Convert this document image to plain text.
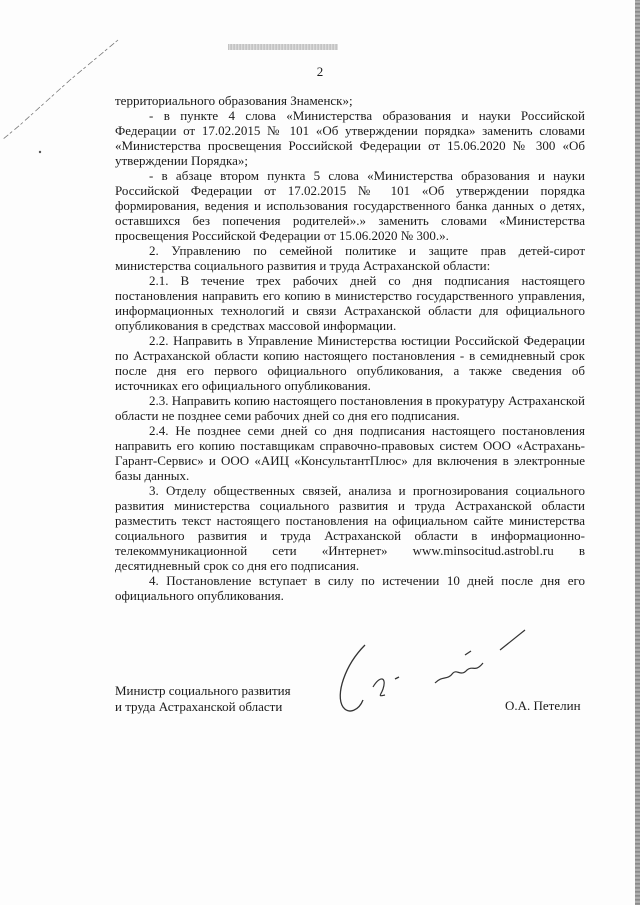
2

территориального образования Знаменск»;

- в пункте 4 слова «Министерства образования и науки Российской Федерации от 17.02.2015 № 101 «Об утверждении порядка» заменить словами «Министерства просвещения Российской Федерации от 15.06.2020 № 300 «Об утверждении Порядка»;

- в абзаце втором пункта 5 слова «Министерства образования и науки Российской Федерации от 17.02.2015 № 101 «Об утверждении порядка формирования, ведения и использования государственного банка данных о детях, оставшихся без попечения родителей».» заменить словами «Министерства просвещения Российской Федерации от 15.06.2020 № 300.».

2. Управлению по семейной политике и защите прав детей-сирот министерства социального развития и труда Астраханской области:

2.1. В течение трех рабочих дней со дня подписания настоящего постановления направить его копию в министерство государственного управления, информационных технологий и связи Астраханской области для официального опубликования в средствах массовой информации.

2.2. Направить в Управление Министерства юстиции Российской Федерации по Астраханской области копию настоящего постановления - в семидневный срок после дня его первого официального опубликования, а также сведения об источниках его официального опубликования.

2.3. Направить копию настоящего постановления в прокуратуру Астраханской области не позднее семи рабочих дней со дня его подписания.

2.4. Не позднее семи дней со дня подписания настоящего постановления направить его копию поставщикам справочно-правовых систем ООО «Астрахань-Гарант-Сервис» и ООО «АИЦ «КонсультантПлюс» для включения в электронные базы данных.

3. Отделу общественных связей, анализа и прогнозирования социального развития министерства социального развития и труда Астраханской области разместить текст настоящего постановления на официальном сайте министерства социального развития и труда Астраханской области в информационно-телекоммуникационной сети «Интернет» www.minsocitud.astrobl.ru в десятидневный срок со дня его подписания.

4. Постановление вступает в силу по истечении 10 дней после дня его официального опубликования.

Министр социального развития
и труда Астраханской области	О.А. Петелин
